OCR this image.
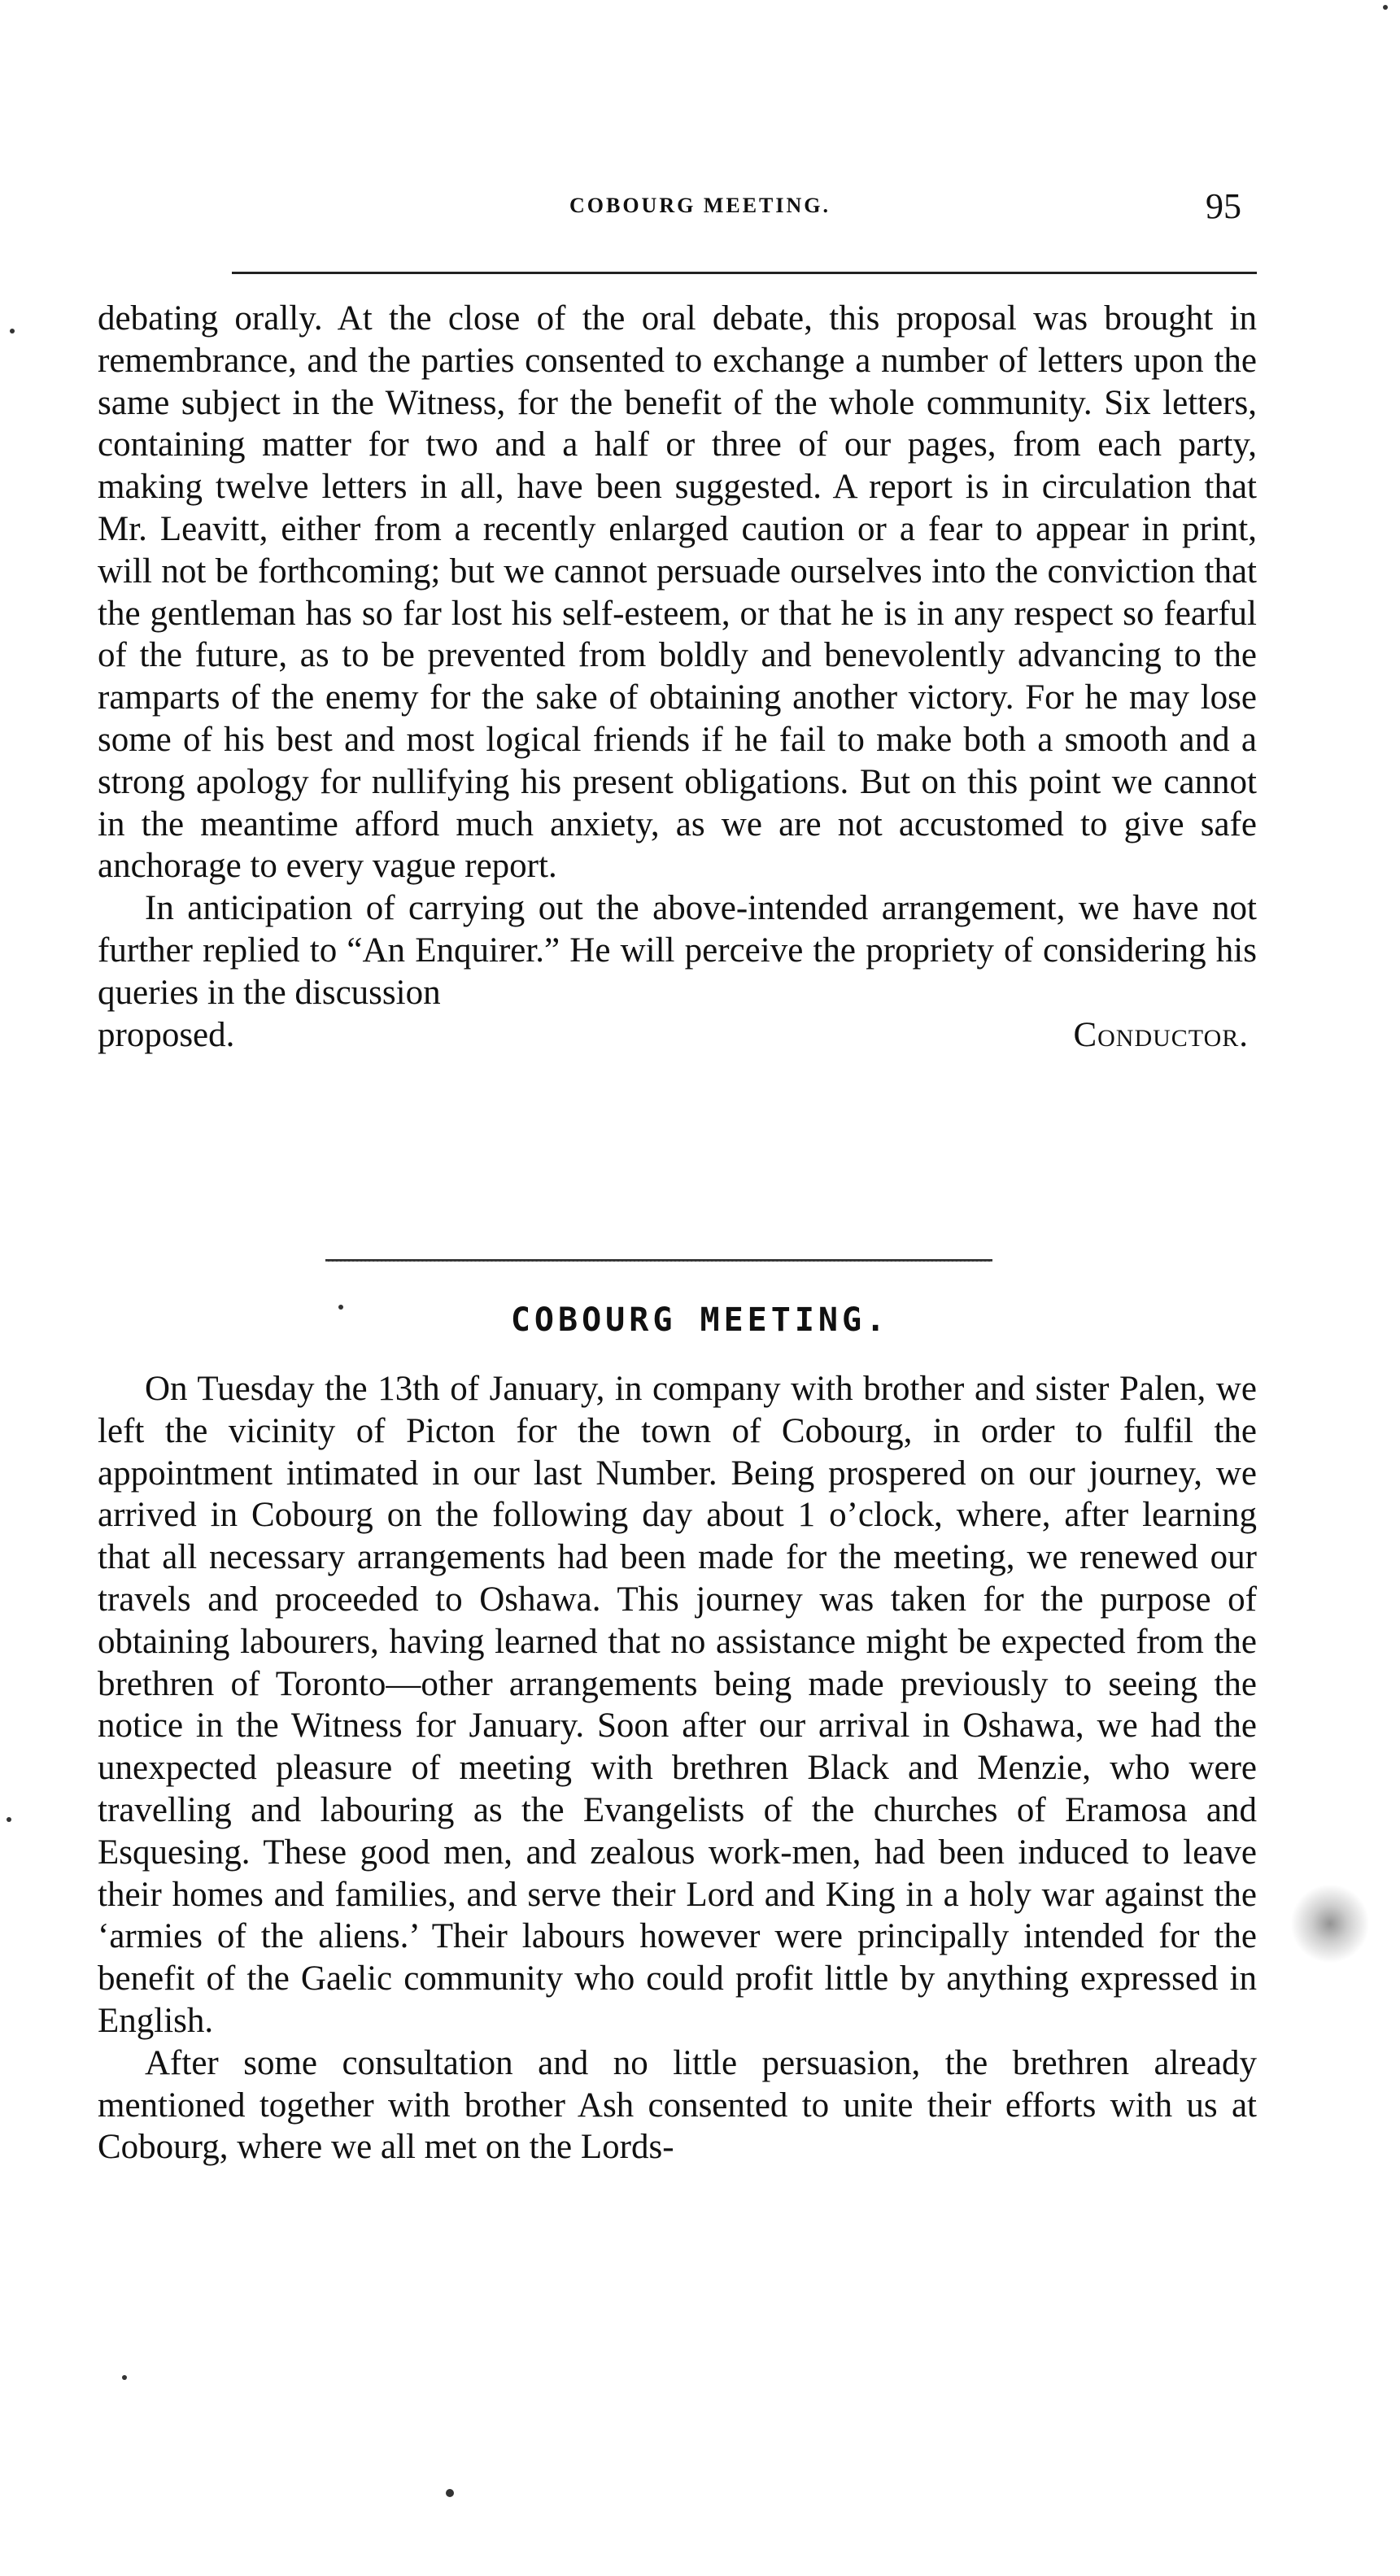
COBOURG MEETING.	95

debating orally. At the close of the oral debate, this proposal was brought in remembrance, and the parties consented to exchange a number of letters upon the same subject in the Witness, for the benefit of the whole community. Six letters, containing matter for two and a half or three of our pages, from each party, making twelve letters in all, have been suggested. A report is in circulation that Mr. Leavitt, either from a recently enlarged caution or a fear to appear in print, will not be forthcoming; but we cannot persuade ourselves into the conviction that the gentleman has so far lost his self-esteem, or that he is in any respect so fearful of the future, as to be prevented from boldly and benevolently advancing to the ramparts of the enemy for the sake of obtaining another victory. For he may lose some of his best and most logical friends if he fail to make both a smooth and a strong apology for nullifying his present obligations. But on this point we cannot in the meantime afford much anxiety, as we are not accustomed to give safe anchorage to every vague report.

In anticipation of carrying out the above-intended arrangement, we have not further replied to “An Enquirer.” He will perceive the propriety of considering his queries in the discussion

proposed.	Conductor.
COBOURG MEETING.

On Tuesday the 13th of January, in company with brother and sister Palen, we left the vicinity of Picton for the town of Cobourg, in order to fulfil the appointment intimated in our last Number. Being prospered on our journey, we arrived in Cobourg on the following day about 1 o’clock, where, after learning that all necessary arrangements had been made for the meeting, we renewed our travels and proceeded to Oshawa. This journey was taken for the purpose of obtaining labourers, having learned that no assistance might be expected from the brethren of Toronto—other arrangements being made previously to seeing the notice in the Witness for January. Soon after our arrival in Oshawa, we had the unexpected pleasure of meeting with brethren Black and Menzie, who were travelling and labouring as the Evangelists of the churches of Eramosa and Esquesing. These good men, and zealous work-men, had been induced to leave their homes and families, and serve their Lord and King in a holy war against the ‘armies of the aliens.’ Their labours however were principally intended for the benefit of the Gaelic community who could profit little by anything expressed in English.

After some consultation and no little persuasion, the brethren already mentioned together with brother Ash consented to unite their efforts with us at Cobourg, where we all met on the Lords-
